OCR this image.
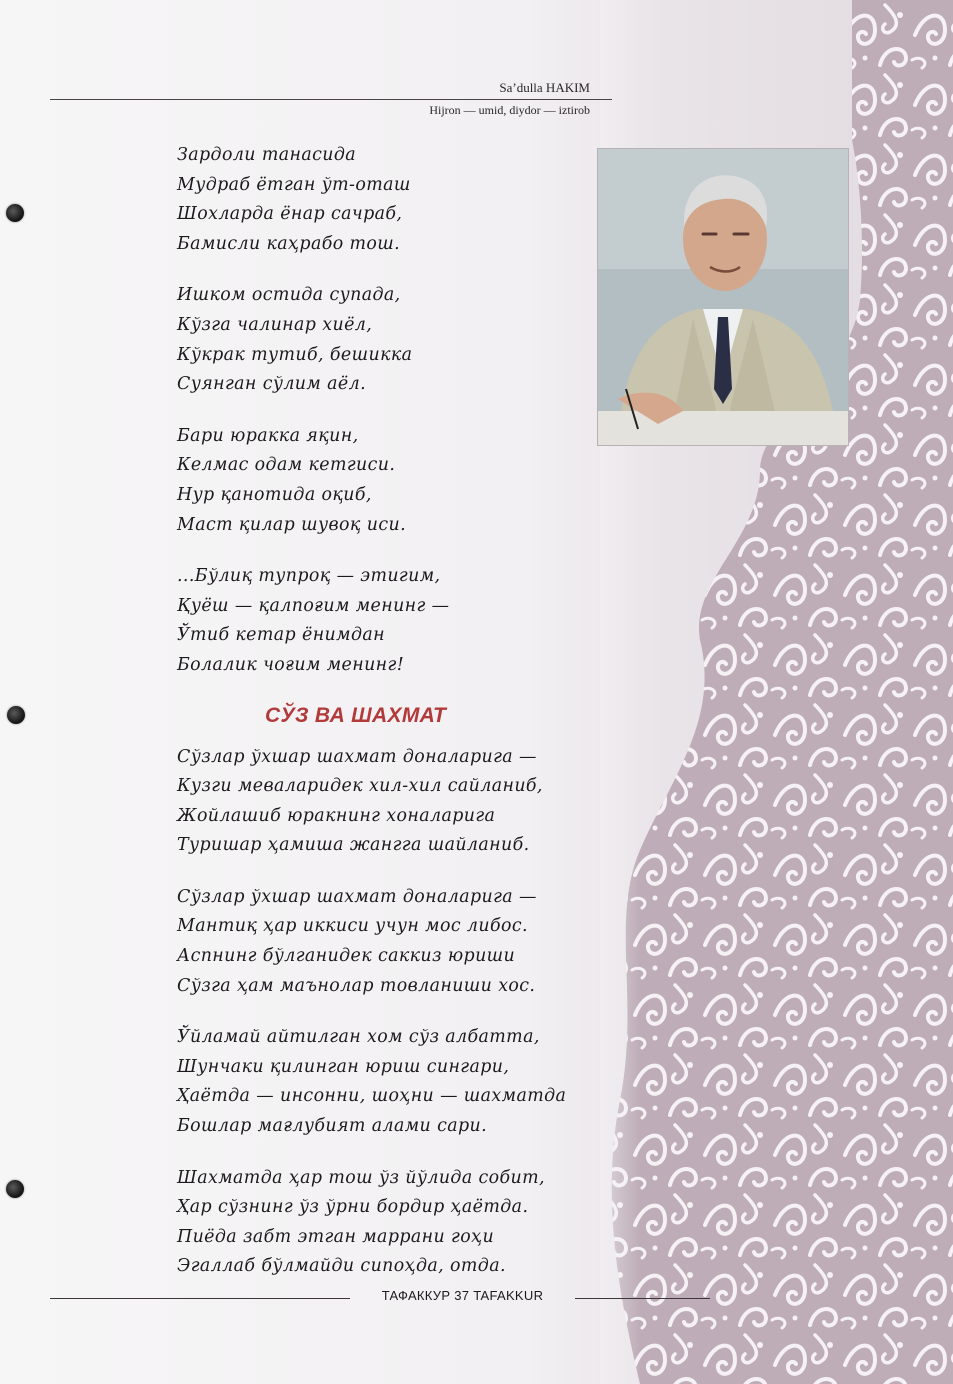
Sa’dulla HAKIM
Hijron — umid, diydor — iztirob
Зардоли танасида
Мудраб ётган ўт-оташ
Шохларда ёнар сачраб,
Бамисли каҳрабо тош.
Ишком остида супада,
Кўзга чалинар хиёл,
Кўкрак тутиб, бешикка
Суянган сўлим аёл.
Бари юракка яқин,
Келмас одам кетгиси.
Нур қанотида оқиб,
Маст қилар шувоқ иси.
...Бўлиқ тупроқ — этигим,
Қуёш — қалпоғим менинг —
Ўтиб кетар ёнимдан
Болалик чоғим менинг!
СЎЗ ВА ШАХМАТ
Сўзлар ўхшар шахмат доналарига —
Кузги меваларидек хил-хил сайланиб,
Жойлашиб юракнинг хоналарига
Туришар ҳамиша жангга шайланиб.
Сўзлар ўхшар шахмат доналарига —
Мантиқ ҳар иккиси учун мос либос.
Аспнинг бўлганидек саккиз юриши
Сўзга ҳам маънолар товланиши хос.
Ўйламай айтилган хом сўз албатта,
Шунчаки қилинган юриш сингари,
Ҳаётда — инсонни, шоҳни — шахматда
Бошлар мағлубият алами сари.
Шахматда ҳар тош ўз йўлида собит,
Ҳар сўзнинг ўз ўрни бордир ҳаётда.
Пиёда забт этган маррани гоҳи
Эгаллаб бўлмайди сипоҳда, отда.
ТАФАККУР 37 TAFAKKUR
